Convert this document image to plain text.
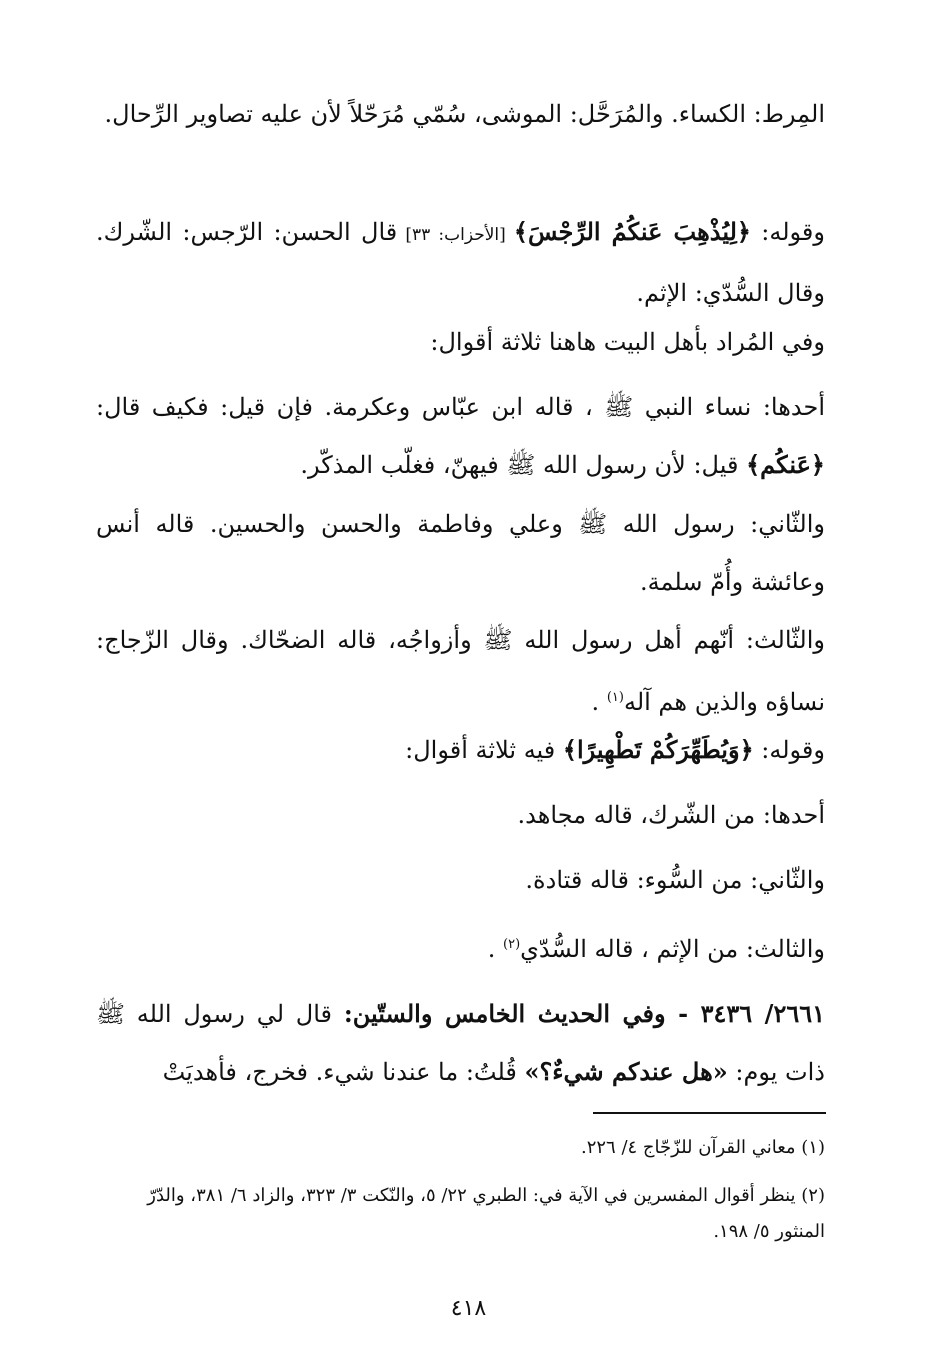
المِرط: الكساء. والمُرَحَّل: الموشى، سُمّي مُرَحّلاً لأن عليه تصاوير الرِّحال.

وقوله: ﴿لِيُذْهِبَ عَنكُمُ الرِّجْسَ﴾ [الأحزاب: ٣٣] قال الحسن: الرّجس: الشّرك. وقال السُّدّي: الإثم.

وفي المُراد بأهل البيت هاهنا ثلاثة أقوال:

أحدها: نساء النبي ﷺ ، قاله ابن عبّاس وعكرمة. فإن قيل: فكيف قال: ﴿عَنكُم﴾ قيل: لأن رسول الله ﷺ فيهنّ، فغلّب المذكّر.

والثّاني: رسول الله ﷺ وعلي وفاطمة والحسن والحسين. قاله أنس وعائشة وأُمّ سلمة.

والثّالث: أنّهم أهل رسول الله ﷺ وأزواجُه، قاله الضحّاك. وقال الزّجاج: نساؤه والذين هم آله$^{(١)}$ .

وقوله: ﴿وَيُطَهِّرَكُمْ تَطْهِيرًا﴾ فيه ثلاثة أقوال:

أحدها: من الشّرك، قاله مجاهد.

والثّاني: من السُّوء: قاله قتادة.

والثالث: من الإثم ، قاله السُّدّي$^{(٢)}$ .

٢٦٦١/ ٣٤٣٦ - وفي الحديث الخامس والستّين: قال لي رسول الله ﷺ ذات يوم: «هل عندكم شيءٌ؟» قُلتُ: ما عندنا شيء. فخرج، فأهديَتْ

(١) معاني القرآن للزّجّاج ٤/ ٢٢٦.

(٢) ينظر أقوال المفسرين في الآية في: الطبري ٢٢/ ٥، والنّكت ٣/ ٣٢٣، والزاد ٦/ ٣٨١، والدّرّ المنثور ٥/ ١٩٨.

٤١٨
